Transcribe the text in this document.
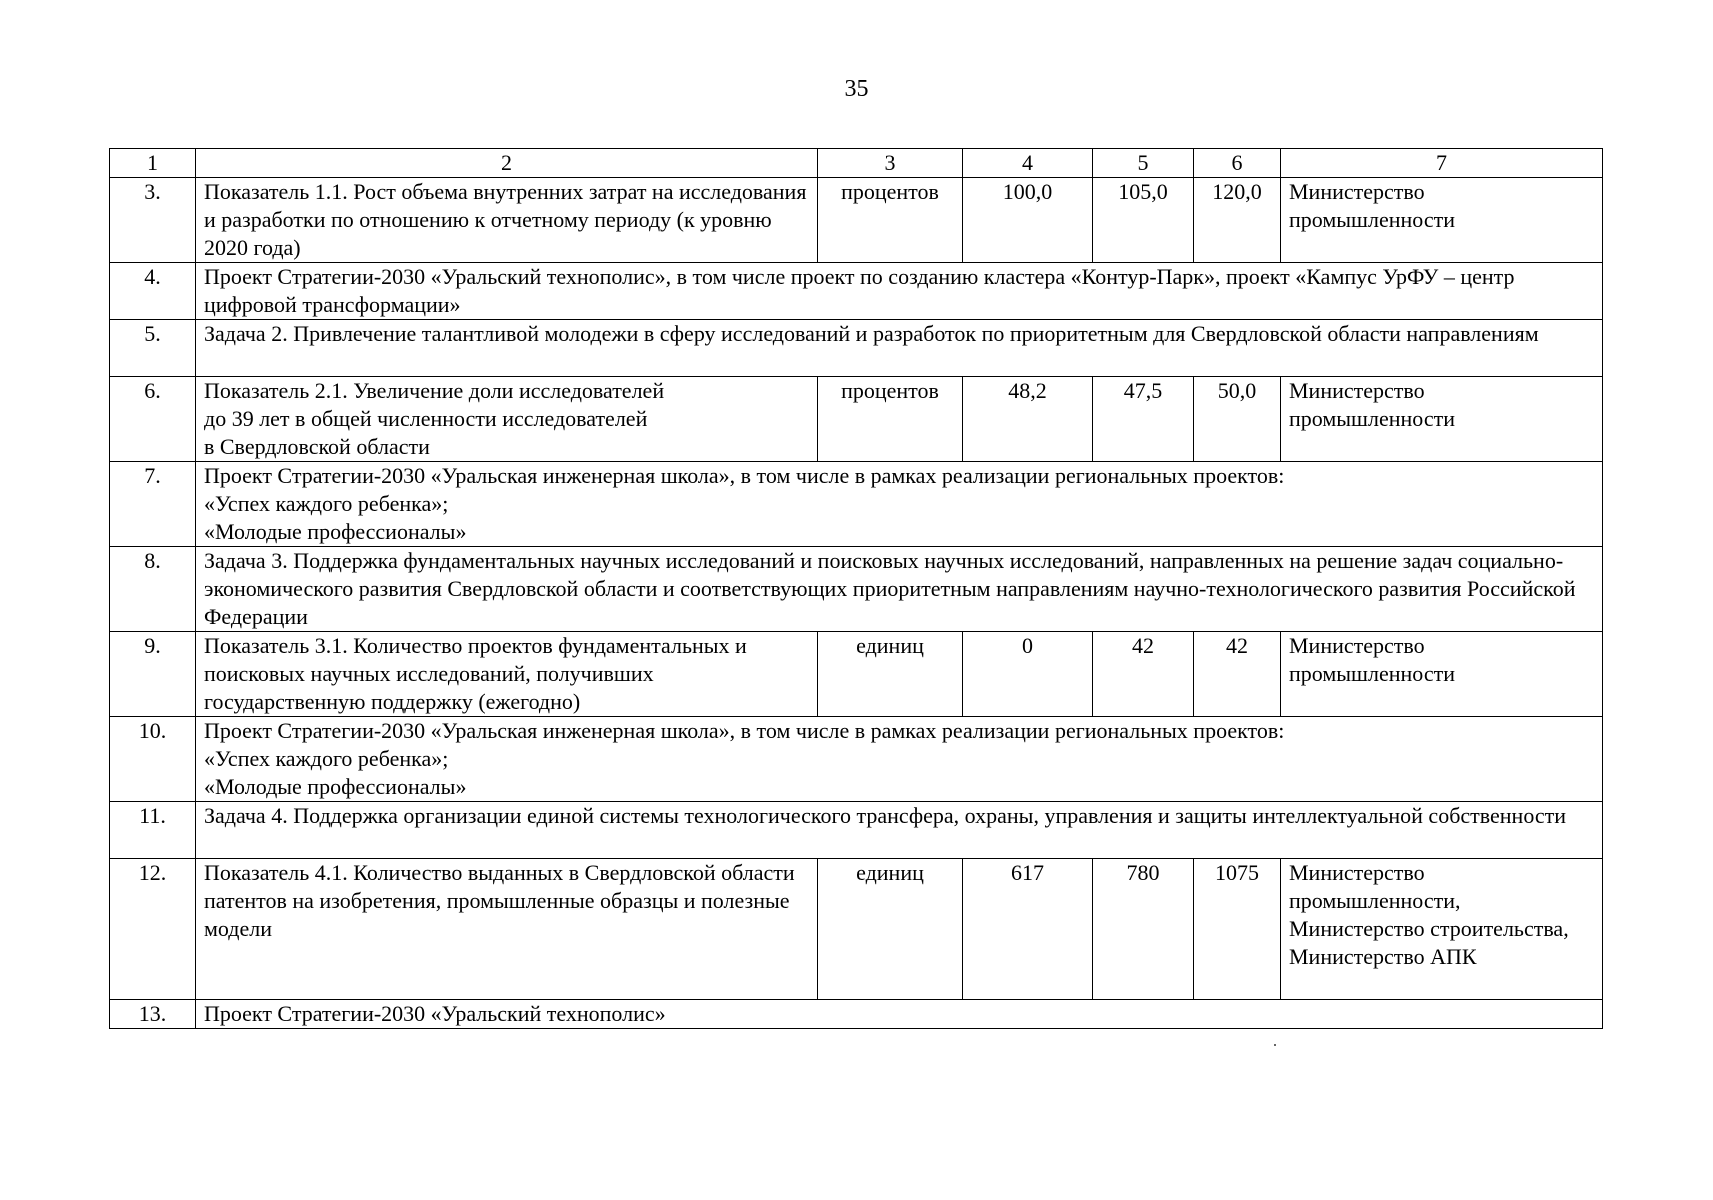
35
1	2	3	4	5	6	7
3.	Показатель 1.1. Рост объема внутренних затрат на исследования и разработки по отношению к отчетному периоду (к уровню 2020 года)	процентов	100,0	105,0	120,0	Министерство промышленности
4.	Проект Стратегии-2030 «Уральский технополис», в том числе проект по созданию кластера «Контур-Парк», проект «Кампус УрФУ – центр цифровой трансформации»					
5.	Задача 2. Привлечение талантливой молодежи в сферу исследований и разработок по приоритетным для Свердловской области направлениям					
6.	Показатель 2.1. Увеличение доли исследователей
до 39 лет в общей численности исследователей
в Свердловской области	процентов	48,2	47,5	50,0	Министерство промышленности
7.	Проект Стратегии-2030 «Уральская инженерная школа», в том числе в рамках реализации региональных проектов:
«Успех каждого ребенка»;
«Молодые профессионалы»					

8.	Задача 3. Поддержка фундаментальных научных исследований и поисковых научных исследований, направленных на решение задач социально-экономического развития Свердловской области и соответствующих приоритетным направлениям научно-технологического развития Российской Федерации					
9.	Показатель 3.1. Количество проектов фундаментальных и поисковых научных исследований, получивших государственную поддержку (ежегодно)	единиц	0	42	42	Министерство промышленности
10.	Проект Стратегии-2030 «Уральская инженерная школа», в том числе в рамках реализации региональных проектов:
«Успех каждого ребенка»;
«Молодые профессионалы»					

11.	Задача 4. Поддержка организации единой системы технологического трансфера, охраны, управления и защиты интеллектуальной собственности					
12.	Показатель 4.1. Количество выданных в Свердловской области патентов на изобретения, промышленные образцы и полезные модели	единиц	617	780	1075	Министерство промышленности,
Министерство строительства,
Министерство АПК

13.	Проект Стратегии-2030 «Уральский технополис»					
